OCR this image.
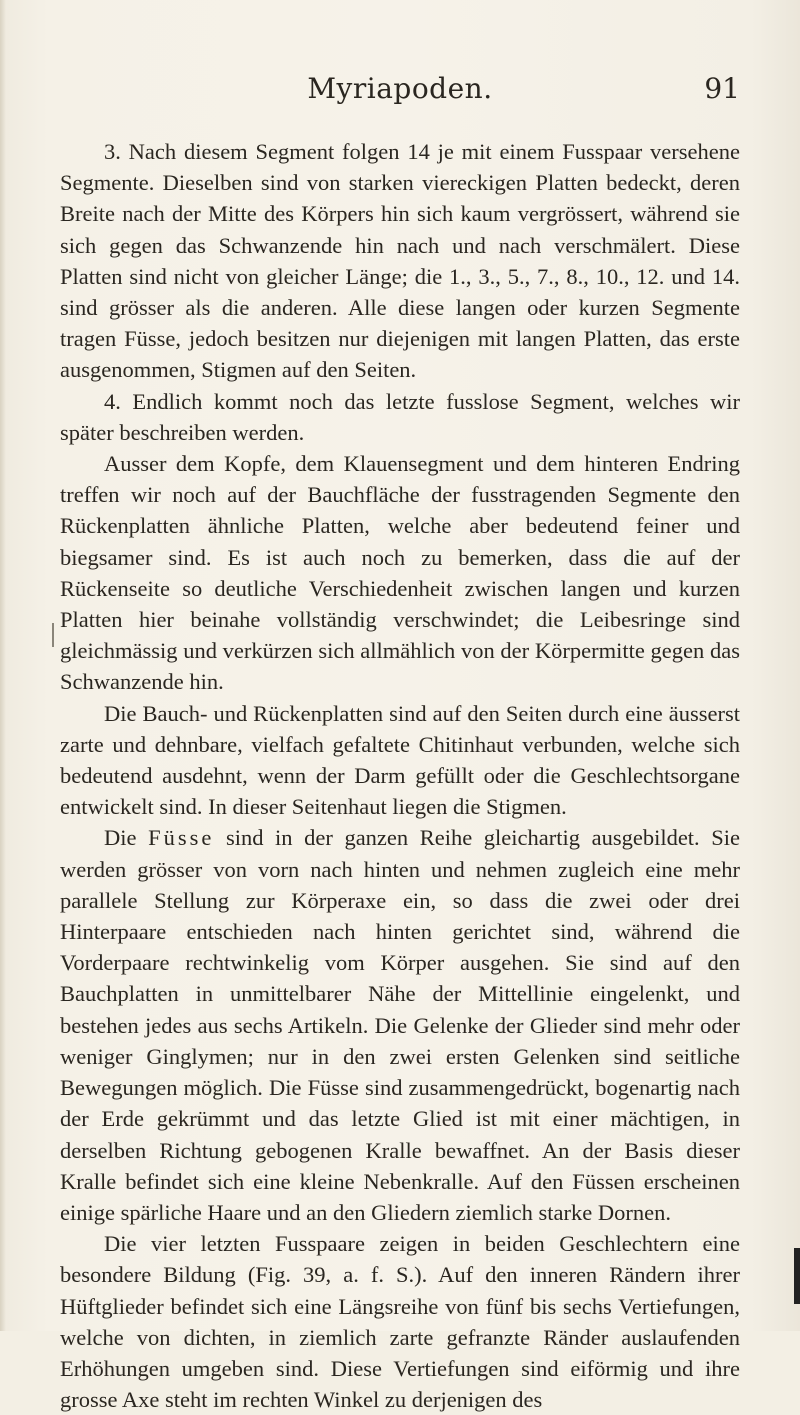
Myriapoden.	91

3. Nach diesem Segment folgen 14 je mit einem Fusspaar versehene Segmente. Dieselben sind von starken viereckigen Platten bedeckt, deren Breite nach der Mitte des Körpers hin sich kaum vergrössert, während sie sich gegen das Schwanzende hin nach und nach verschmälert. Diese Platten sind nicht von gleicher Länge; die 1., 3., 5., 7., 8., 10., 12. und 14. sind grösser als die anderen. Alle diese langen oder kurzen Segmente tragen Füsse, jedoch besitzen nur diejenigen mit langen Platten, das erste ausgenommen, Stigmen auf den Seiten.

4. Endlich kommt noch das letzte fusslose Segment, welches wir später beschreiben werden.

Ausser dem Kopfe, dem Klauensegment und dem hinteren Endring treffen wir noch auf der Bauchfläche der fusstragenden Segmente den Rückenplatten ähnliche Platten, welche aber bedeutend feiner und biegsamer sind. Es ist auch noch zu bemerken, dass die auf der Rückenseite so deutliche Verschiedenheit zwischen langen und kurzen Platten hier beinahe vollständig verschwindet; die Leibesringe sind gleichmässig und verkürzen sich allmählich von der Körpermitte gegen das Schwanzende hin.

Die Bauch- und Rückenplatten sind auf den Seiten durch eine äusserst zarte und dehnbare, vielfach gefaltete Chitinhaut verbunden, welche sich bedeutend ausdehnt, wenn der Darm gefüllt oder die Geschlechtsorgane entwickelt sind. In dieser Seitenhaut liegen die Stigmen.

Die Füsse sind in der ganzen Reihe gleichartig ausgebildet. Sie werden grösser von vorn nach hinten und nehmen zugleich eine mehr parallele Stellung zur Körperaxe ein, so dass die zwei oder drei Hinterpaare entschieden nach hinten gerichtet sind, während die Vorderpaare rechtwinkelig vom Körper ausgehen. Sie sind auf den Bauchplatten in unmittelbarer Nähe der Mittellinie eingelenkt, und bestehen jedes aus sechs Artikeln. Die Gelenke der Glieder sind mehr oder weniger Ginglymen; nur in den zwei ersten Gelenken sind seitliche Bewegungen möglich. Die Füsse sind zusammengedrückt, bogenartig nach der Erde gekrümmt und das letzte Glied ist mit einer mächtigen, in derselben Richtung gebogenen Kralle bewaffnet. An der Basis dieser Kralle befindet sich eine kleine Nebenkralle. Auf den Füssen erscheinen einige spärliche Haare und an den Gliedern ziemlich starke Dornen.

Die vier letzten Fusspaare zeigen in beiden Geschlechtern eine besondere Bildung (Fig. 39, a. f. S.). Auf den inneren Rändern ihrer Hüftglieder befindet sich eine Längsreihe von fünf bis sechs Vertiefungen, welche von dichten, in ziemlich zarte gefranzte Ränder auslaufenden Erhöhungen umgeben sind. Diese Vertiefungen sind eiförmig und ihre grosse Axe steht im rechten Winkel zu derjenigen des
